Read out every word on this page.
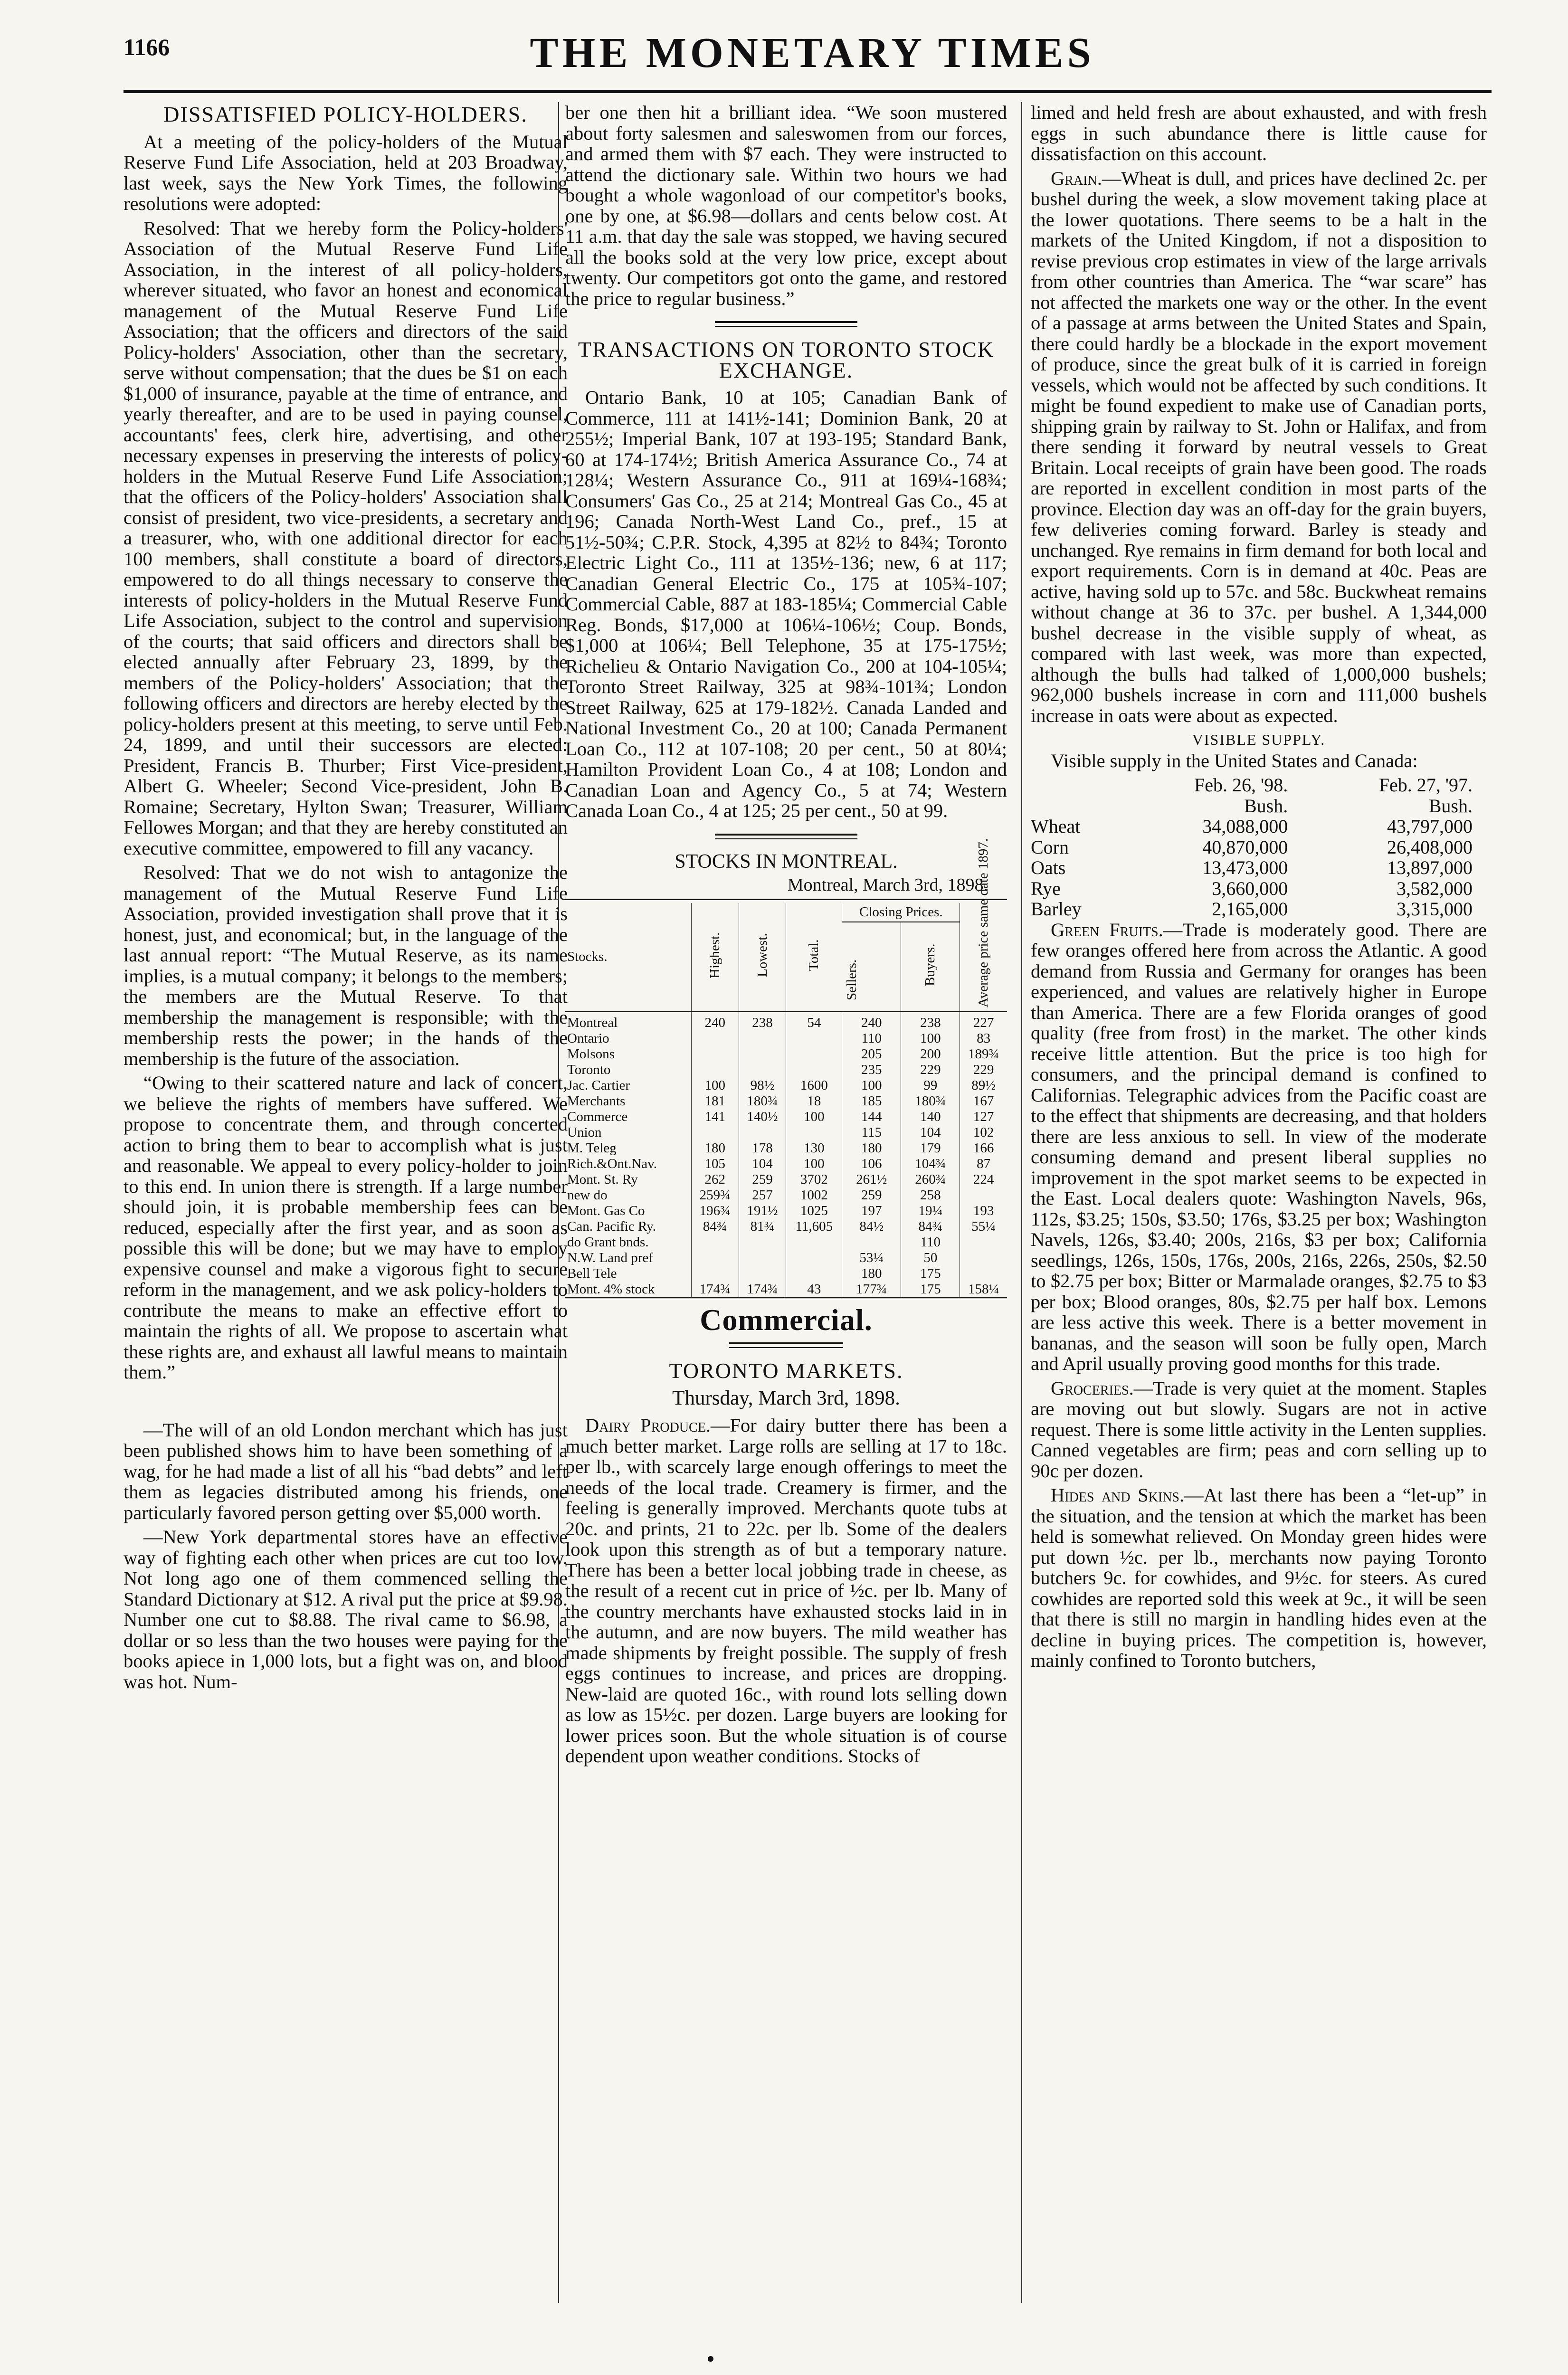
1166	THE MONETARY TIMES
DISSATISFIED POLICY-HOLDERS.

At a meeting of the policy-holders of the Mutual Reserve Fund Life Association, held at 203 Broadway, last week, says the New York Times, the following resolutions were adopted:

Resolved: That we hereby form the Policy-holders' Association of the Mutual Reserve Fund Life Association, in the interest of all policy-holders, wherever situated, who favor an honest and economical management of the Mutual Reserve Fund Life Association; that the officers and directors of the said Policy-holders' Association, other than the secretary, serve without compensation; that the dues be $1 on each $1,000 of insurance, payable at the time of entrance, and yearly thereafter, and are to be used in paying counsel, accountants' fees, clerk hire, advertising, and other necessary expenses in preserving the interests of policy-holders in the Mutual Reserve Fund Life Association; that the officers of the Policy-holders' Association shall consist of president, two vice-presidents, a secretary and a treasurer, who, with one additional director for each 100 members, shall constitute a board of directors, empowered to do all things necessary to conserve the interests of policy-holders in the Mutual Reserve Fund Life Association, subject to the control and supervision of the courts; that said officers and directors shall be elected annually after February 23, 1899, by the members of the Policy-holders' Association; that the following officers and directors are hereby elected by the policy-holders present at this meeting, to serve until Feb. 24, 1899, and until their successors are elected: President, Francis B. Thurber; First Vice-president, Albert G. Wheeler; Second Vice-president, John B. Romaine; Secretary, Hylton Swan; Treasurer, William Fellowes Morgan; and that they are hereby constituted an executive committee, empowered to fill any vacancy.

Resolved: That we do not wish to antagonize the management of the Mutual Reserve Fund Life Association, provided investigation shall prove that it is honest, just, and economical; but, in the language of the last annual report: “The Mutual Reserve, as its name implies, is a mutual company; it belongs to the members; the members are the Mutual Reserve. To that membership the management is responsible; with the membership rests the power; in the hands of the membership is the future of the association.

“Owing to their scattered nature and lack of concert, we believe the rights of members have suffered. We propose to concentrate them, and through concerted action to bring them to bear to accomplish what is just and reasonable. We appeal to every policy-holder to join to this end. In union there is strength. If a large number should join, it is probable membership fees can be reduced, especially after the first year, and as soon as possible this will be done; but we may have to employ expensive counsel and make a vigorous fight to secure reform in the management, and we ask policy-holders to contribute the means to make an effective effort to maintain the rights of all. We propose to ascertain what these rights are, and exhaust all lawful means to maintain them.”

—The will of an old London merchant which has just been published shows him to have been something of a wag, for he had made a list of all his “bad debts” and left them as legacies distributed among his friends, one particularly favored person getting over $5,000 worth.

—New York departmental stores have an effective way of fighting each other when prices are cut too low. Not long ago one of them commenced selling the Standard Dictionary at $12. A rival put the price at $9.98. Number one cut to $8.88. The rival came to $6.98, a dollar or so less than the two houses were paying for the books apiece in 1,000 lots, but a fight was on, and blood was hot. Num-

ber one then hit a brilliant idea. “We soon mustered about forty salesmen and saleswomen from our forces, and armed them with $7 each. They were instructed to attend the dictionary sale. Within two hours we had bought a whole wagonload of our competitor's books, one by one, at $6.98—dollars and cents below cost. At 11 a.m. that day the sale was stopped, we having secured all the books sold at the very low price, except about twenty. Our competitors got onto the game, and restored the price to regular business.”

TRANSACTIONS ON TORONTO STOCK EXCHANGE.

Ontario Bank, 10 at 105; Canadian Bank of Commerce, 111 at 141½-141; Dominion Bank, 20 at 255½; Imperial Bank, 107 at 193-195; Standard Bank, 60 at 174-174½; British America Assurance Co., 74 at 128¼; Western Assurance Co., 911 at 169¼-168¾; Consumers' Gas Co., 25 at 214; Montreal Gas Co., 45 at 196; Canada North-West Land Co., pref., 15 at 51½-50¾; C.P.R. Stock, 4,395 at 82½ to 84¾; Toronto Electric Light Co., 111 at 135½-136; new, 6 at 117; Canadian General Electric Co., 175 at 105¾-107; Commercial Cable, 887 at 183-185¼; Commercial Cable Reg. Bonds, $17,000 at 106¼-106½; Coup. Bonds, $1,000 at 106¼; Bell Telephone, 35 at 175-175½; Richelieu & Ontario Navigation Co., 200 at 104-105¼; Toronto Street Railway, 325 at 98¾-101¾; London Street Railway, 625 at 179-182½. Canada Landed and National Investment Co., 20 at 100; Canada Permanent Loan Co., 112 at 107-108; 20 per cent., 50 at 80¼; Hamilton Provident Loan Co., 4 at 108; London and Canadian Loan and Agency Co., 5 at 74; Western Canada Loan Co., 4 at 125; 25 per cent., 50 at 99.

STOCKS IN MONTREAL.
Montreal, March 3rd, 1898.
Stocks.	Highest.	Lowest.	Total.	Closing Prices.		Average price same date 1897.
				Sellers.	Buyers.	
Montreal	240	238	54	240	238	227
Ontario				110	100	83
Molsons				205	200	189¾
Toronto				235	229	229
Jac. Cartier	100	98½	1600	100	99	89½
Merchants	181	180¾	18	185	180¾	167
Commerce	141	140½	100	144	140	127
Union				115	104	102
M. Teleg	180	178	130	180	179	166
Rich.&Ont.Nav.	105	104	100	106	104¾	87
Mont. St. Ry	262	259	3702	261½	260¾	224
new do	259¾	257	1002	259	258	
Mont. Gas Co	196¾	191½	1025	197	19¼	193
Can. Pacific Ry.	84¾	81¾	11,605	84½	84¾	55¼
do Grant bnds.					110	
N.W. Land pref				53¼	50	
Bell Tele				180	175	
Mont. 4% stock	174¾	174¾	43	177¾	175	158¼
Commercial.
TORONTO MARKETS.
Thursday, March 3rd, 1898.

Dairy Produce.—For dairy butter there has been a much better market. Large rolls are selling at 17 to 18c. per lb., with scarcely large enough offerings to meet the needs of the local trade. Creamery is firmer, and the feeling is generally improved. Merchants quote tubs at 20c. and prints, 21 to 22c. per lb. Some of the dealers look upon this strength as of but a temporary nature. There has been a better local jobbing trade in cheese, as the result of a recent cut in price of ½c. per lb. Many of the country merchants have exhausted stocks laid in in the autumn, and are now buyers. The mild weather has made shipments by freight possible. The supply of fresh eggs continues to increase, and prices are dropping. New-laid are quoted 16c., with round lots selling down as low as 15½c. per dozen. Large buyers are looking for lower prices soon. But the whole situation is of course dependent upon weather conditions. Stocks of

limed and held fresh are about exhausted, and with fresh eggs in such abundance there is little cause for dissatisfaction on this account.

Grain.—Wheat is dull, and prices have declined 2c. per bushel during the week, a slow movement taking place at the lower quotations. There seems to be a halt in the markets of the United Kingdom, if not a disposition to revise previous crop estimates in view of the large arrivals from other countries than America. The “war scare” has not affected the markets one way or the other. In the event of a passage at arms between the United States and Spain, there could hardly be a blockade in the export movement of produce, since the great bulk of it is carried in foreign vessels, which would not be affected by such conditions. It might be found expedient to make use of Canadian ports, shipping grain by railway to St. John or Halifax, and from there sending it forward by neutral vessels to Great Britain. Local receipts of grain have been good. The roads are reported in excellent condition in most parts of the province. Election day was an off-day for the grain buyers, few deliveries coming forward. Barley is steady and unchanged. Rye remains in firm demand for both local and export requirements. Corn is in demand at 40c. Peas are active, having sold up to 57c. and 58c. Buckwheat remains without change at 36 to 37c. per bushel. A 1,344,000 bushel decrease in the visible supply of wheat, as compared with last week, was more than expected, although the bulls had talked of 1,000,000 bushels; 962,000 bushels increase in corn and 111,000 bushels increase in oats were about as expected.

VISIBLE SUPPLY.

Visible supply in the United States and Canada:

	Feb. 26, '98.	Feb. 27, '97.
	Bush.	Bush.
Wheat	34,088,000	43,797,000
Corn	40,870,000	26,408,000
Oats	13,473,000	13,897,000
Rye	3,660,000	3,582,000
Barley	2,165,000	3,315,000

Green Fruits.—Trade is moderately good. There are few oranges offered here from across the Atlantic. A good demand from Russia and Germany for oranges has been experienced, and values are relatively higher in Europe than America. There are a few Florida oranges of good quality (free from frost) in the market. The other kinds receive little attention. But the price is too high for consumers, and the principal demand is confined to Californias. Telegraphic advices from the Pacific coast are to the effect that shipments are decreasing, and that holders there are less anxious to sell. In view of the moderate consuming demand and present liberal supplies no improvement in the spot market seems to be expected in the East. Local dealers quote: Washington Navels, 96s, 112s, $3.25; 150s, $3.50; 176s, $3.25 per box; Washington Navels, 126s, $3.40; 200s, 216s, $3 per box; California seedlings, 126s, 150s, 176s, 200s, 216s, 226s, 250s, $2.50 to $2.75 per box; Bitter or Marmalade oranges, $2.75 to $3 per box; Blood oranges, 80s, $2.75 per half box. Lemons are less active this week. There is a better movement in bananas, and the season will soon be fully open, March and April usually proving good months for this trade.

Groceries.—Trade is very quiet at the moment. Staples are moving out but slowly. Sugars are not in active request. There is some little activity in the Lenten supplies. Canned vegetables are firm; peas and corn selling up to 90c per dozen.

Hides and Skins.—At last there has been a “let-up” in the situation, and the tension at which the market has been held is somewhat relieved. On Monday green hides were put down ½c. per lb., merchants now paying Toronto butchers 9c. for cowhides, and 9½c. for steers. As cured cowhides are reported sold this week at 9c., it will be seen that there is still no margin in handling hides even at the decline in buying prices. The competition is, however, mainly confined to Toronto butchers,
